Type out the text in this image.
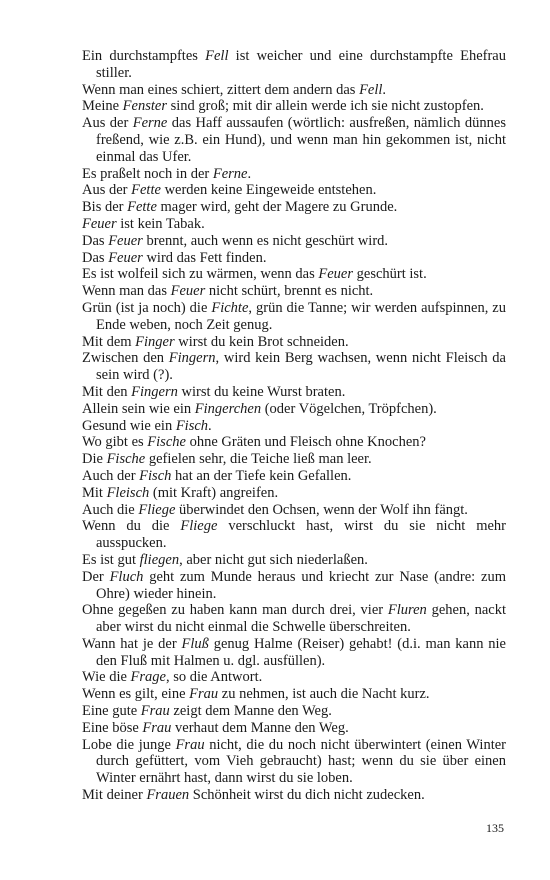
Ein durchstampftes Fell ist weicher und eine durchstampfte Ehefrau stiller.
Wenn man eines schiert, zittert dem andern das Fell.
Meine Fenster sind groß; mit dir allein werde ich sie nicht zustopfen.
Aus der Ferne das Haff aussaufen (wörtlich: ausfreßen, nämlich dünnes freßend, wie z.B. ein Hund), und wenn man hin gekommen ist, nicht einmal das Ufer.
Es praßelt noch in der Ferne.
Aus der Fette werden keine Eingeweide entstehen.
Bis der Fette mager wird, geht der Magere zu Grunde.
Feuer ist kein Tabak.
Das Feuer brennt, auch wenn es nicht geschürt wird.
Das Feuer wird das Fett finden.
Es ist wolfeil sich zu wärmen, wenn das Feuer geschürt ist.
Wenn man das Feuer nicht schürt, brennt es nicht.
Grün (ist ja noch) die Fichte, grün die Tanne; wir werden aufspinnen, zu Ende weben, noch Zeit genug.
Mit dem Finger wirst du kein Brot schneiden.
Zwischen den Fingern, wird kein Berg wachsen, wenn nicht Fleisch da sein wird (?).
Mit den Fingern wirst du keine Wurst braten.
Allein sein wie ein Fingerchen (oder Vögelchen, Tröpfchen).
Gesund wie ein Fisch.
Wo gibt es Fische ohne Gräten und Fleisch ohne Knochen?
Die Fische gefielen sehr, die Teiche ließ man leer.
Auch der Fisch hat an der Tiefe kein Gefallen.
Mit Fleisch (mit Kraft) angreifen.
Auch die Fliege überwindet den Ochsen, wenn der Wolf ihn fängt.
Wenn du die Fliege verschluckt hast, wirst du sie nicht mehr ausspucken.
Es ist gut fliegen, aber nicht gut sich niederlaßen.
Der Fluch geht zum Munde heraus und kriecht zur Nase (andre: zum Ohre) wieder hinein.
Ohne gegeßen zu haben kann man durch drei, vier Fluren gehen, nackt aber wirst du nicht einmal die Schwelle überschreiten.
Wann hat je der Fluß genug Halme (Reiser) gehabt! (d.i. man kann nie den Fluß mit Halmen u. dgl. ausfüllen).
Wie die Frage, so die Antwort.
Wenn es gilt, eine Frau zu nehmen, ist auch die Nacht kurz.
Eine gute Frau zeigt dem Manne den Weg.
Eine böse Frau verhaut dem Manne den Weg.
Lobe die junge Frau nicht, die du noch nicht überwintert (einen Winter durch gefüttert, vom Vieh gebraucht) hast; wenn du sie über einen Winter ernährt hast, dann wirst du sie loben.
Mit deiner Frauen Schönheit wirst du dich nicht zudecken.
135
